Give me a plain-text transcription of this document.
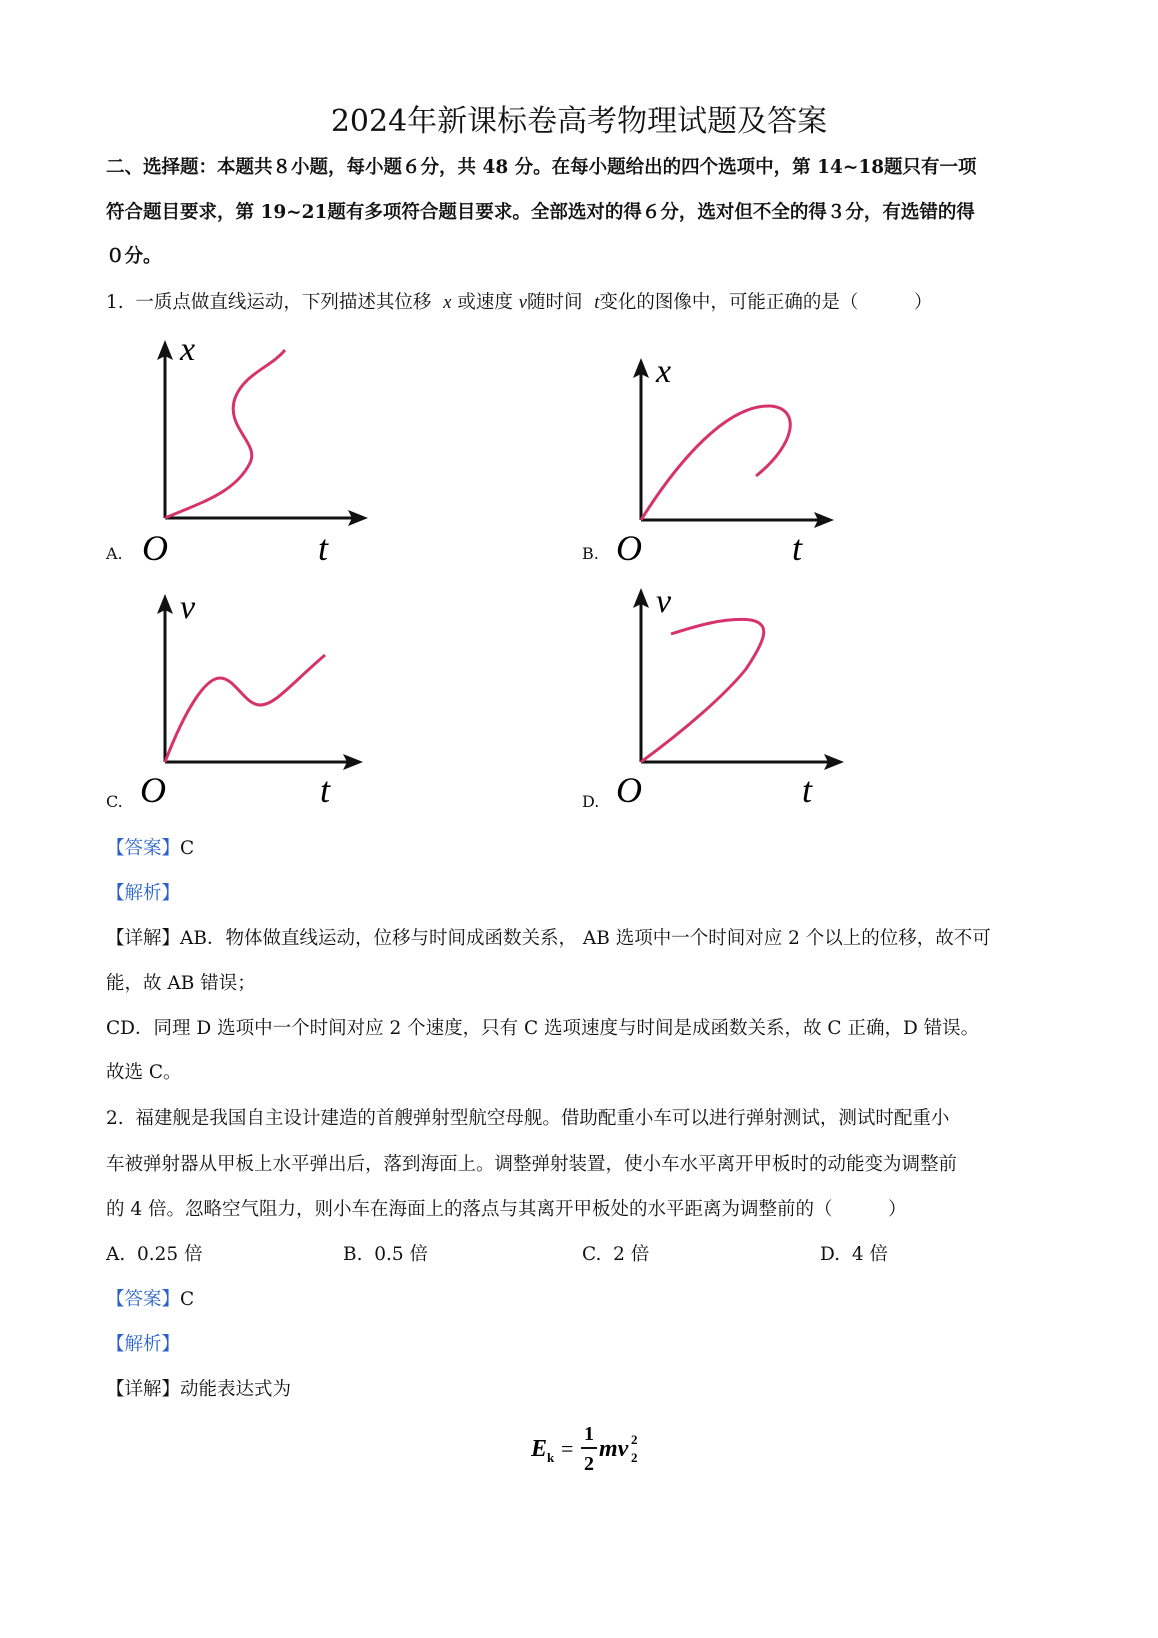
2024年新课标卷高考物理试题及答案
二、选择题：本题共８小题，每小题６分，共 48 分。在每小题给出的四个选项中，第 14~18题只有一项
符合题目要求，第 19~21题有多项符合题目要求。全部选对的得６分，选对但不全的得３分，有选错的得
０分。
1. 一质点做直线运动，下列描述其位移 x 或速度 v随时间 t变化的图像中，可能正确的是（　　　）
A.
x
O	t	B.
x
O	t
C.
v
O	t	D.
v
O	t
【答案】C
【解析】
【详解】AB．物体做直线运动，位移与时间成函数关系， AB 选项中一个时间对应 2 个以上的位移，故不可
能，故 AB 错误；
CD．同理 D 选项中一个时间对应 2 个速度，只有 C 选项速度与时间是成函数关系，故 C 正确，D 错误。
故选 C。
2. 福建舰是我国自主设计建造的首艘弹射型航空母舰。借助配重小车可以进行弹射测试，测试时配重小
车被弹射器从甲板上水平弹出后，落到海面上。调整弹射装置，使小车水平离开甲板时的动能变为调整前
的 4 倍。忽略空气阻力，则小车在海面上的落点与其离开甲板处的水平距离为调整前的（　　　）
A. 0.25 倍	B. 0.5 倍	C. 2 倍	D. 4 倍
【答案】C
【解析】
【详解】动能表达式为
E k =
1
2
mv 2
2
